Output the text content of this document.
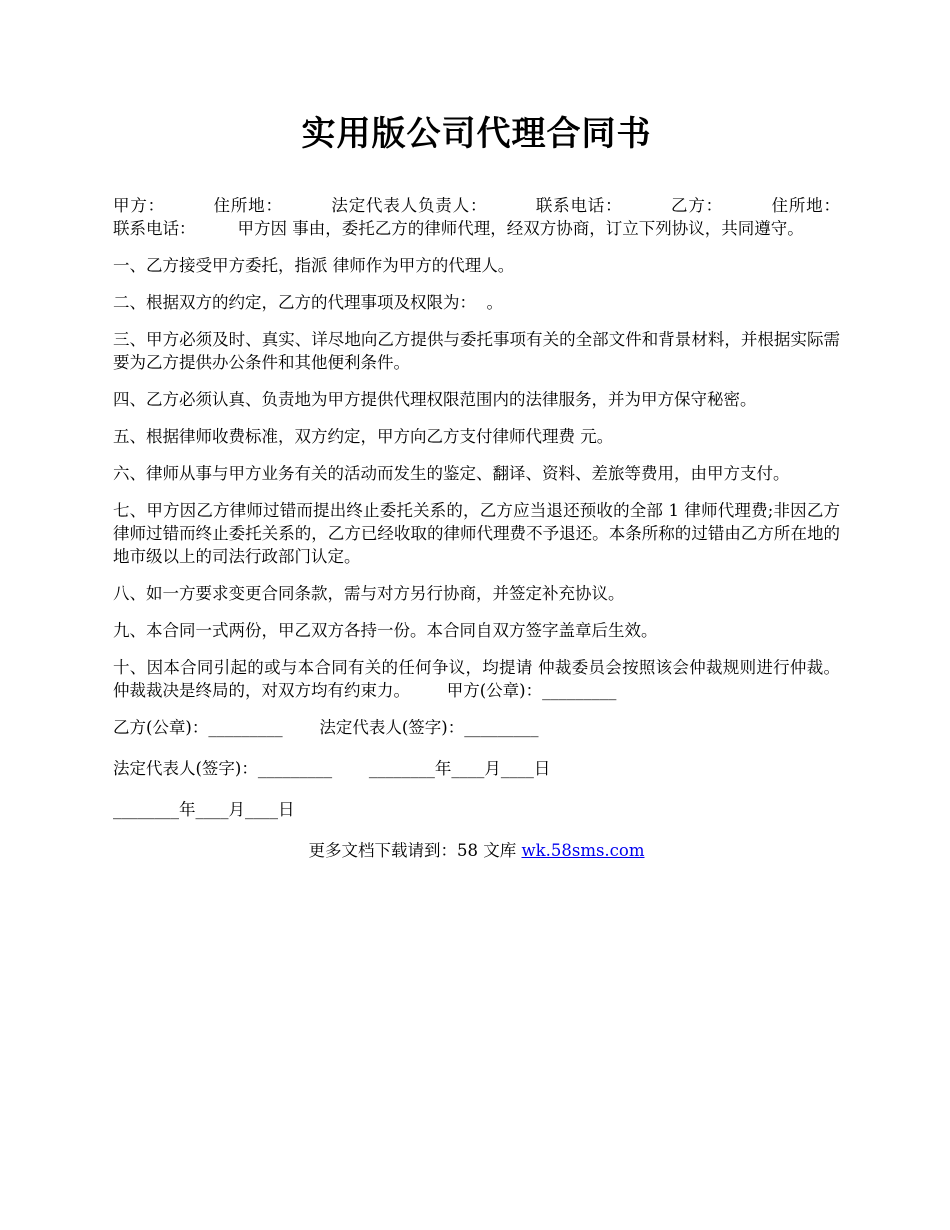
实用版公司代理合同书

甲方：        住所地：        法定代表人负责人：        联系电话：        乙方：        住所地：        联系电话：        甲方因 事由，委托乙方的律师代理，经双方协商，订立下列协议，共同遵守。

一、乙方接受甲方委托，指派 律师作为甲方的代理人。

二、根据双方的约定，乙方的代理事项及权限为：  。

三、甲方必须及时、真实、详尽地向乙方提供与委托事项有关的全部文件和背景材料，并根据实际需要为乙方提供办公条件和其他便利条件。

四、乙方必须认真、负责地为甲方提供代理权限范围内的法律服务，并为甲方保守秘密。

五、根据律师收费标准，双方约定，甲方向乙方支付律师代理费 元。

六、律师从事与甲方业务有关的活动而发生的鉴定、翻译、资料、差旅等费用，由甲方支付。

七、甲方因乙方律师过错而提出终止委托关系的，乙方应当退还预收的全部 1 律师代理费;非因乙方律师过错而终止委托关系的，乙方已经收取的律师代理费不予退还。本条所称的过错由乙方所在地的地市级以上的司法行政部门认定。

八、如一方要求变更合同条款，需与对方另行协商，并签定补充协议。

九、本合同一式两份，甲乙双方各持一份。本合同自双方签字盖章后生效。

十、因本合同引起的或与本合同有关的任何争议，均提请 仲裁委员会按照该会仲裁规则进行仲裁。仲裁裁决是终局的，对双方均有约束力。       甲方(公章)：_________

乙方(公章)：_________       法定代表人(签字)：_________

法定代表人(签字)：_________       ________年____月____日

________年____月____日

更多文档下载请到：58 文库 wk.58sms.com
